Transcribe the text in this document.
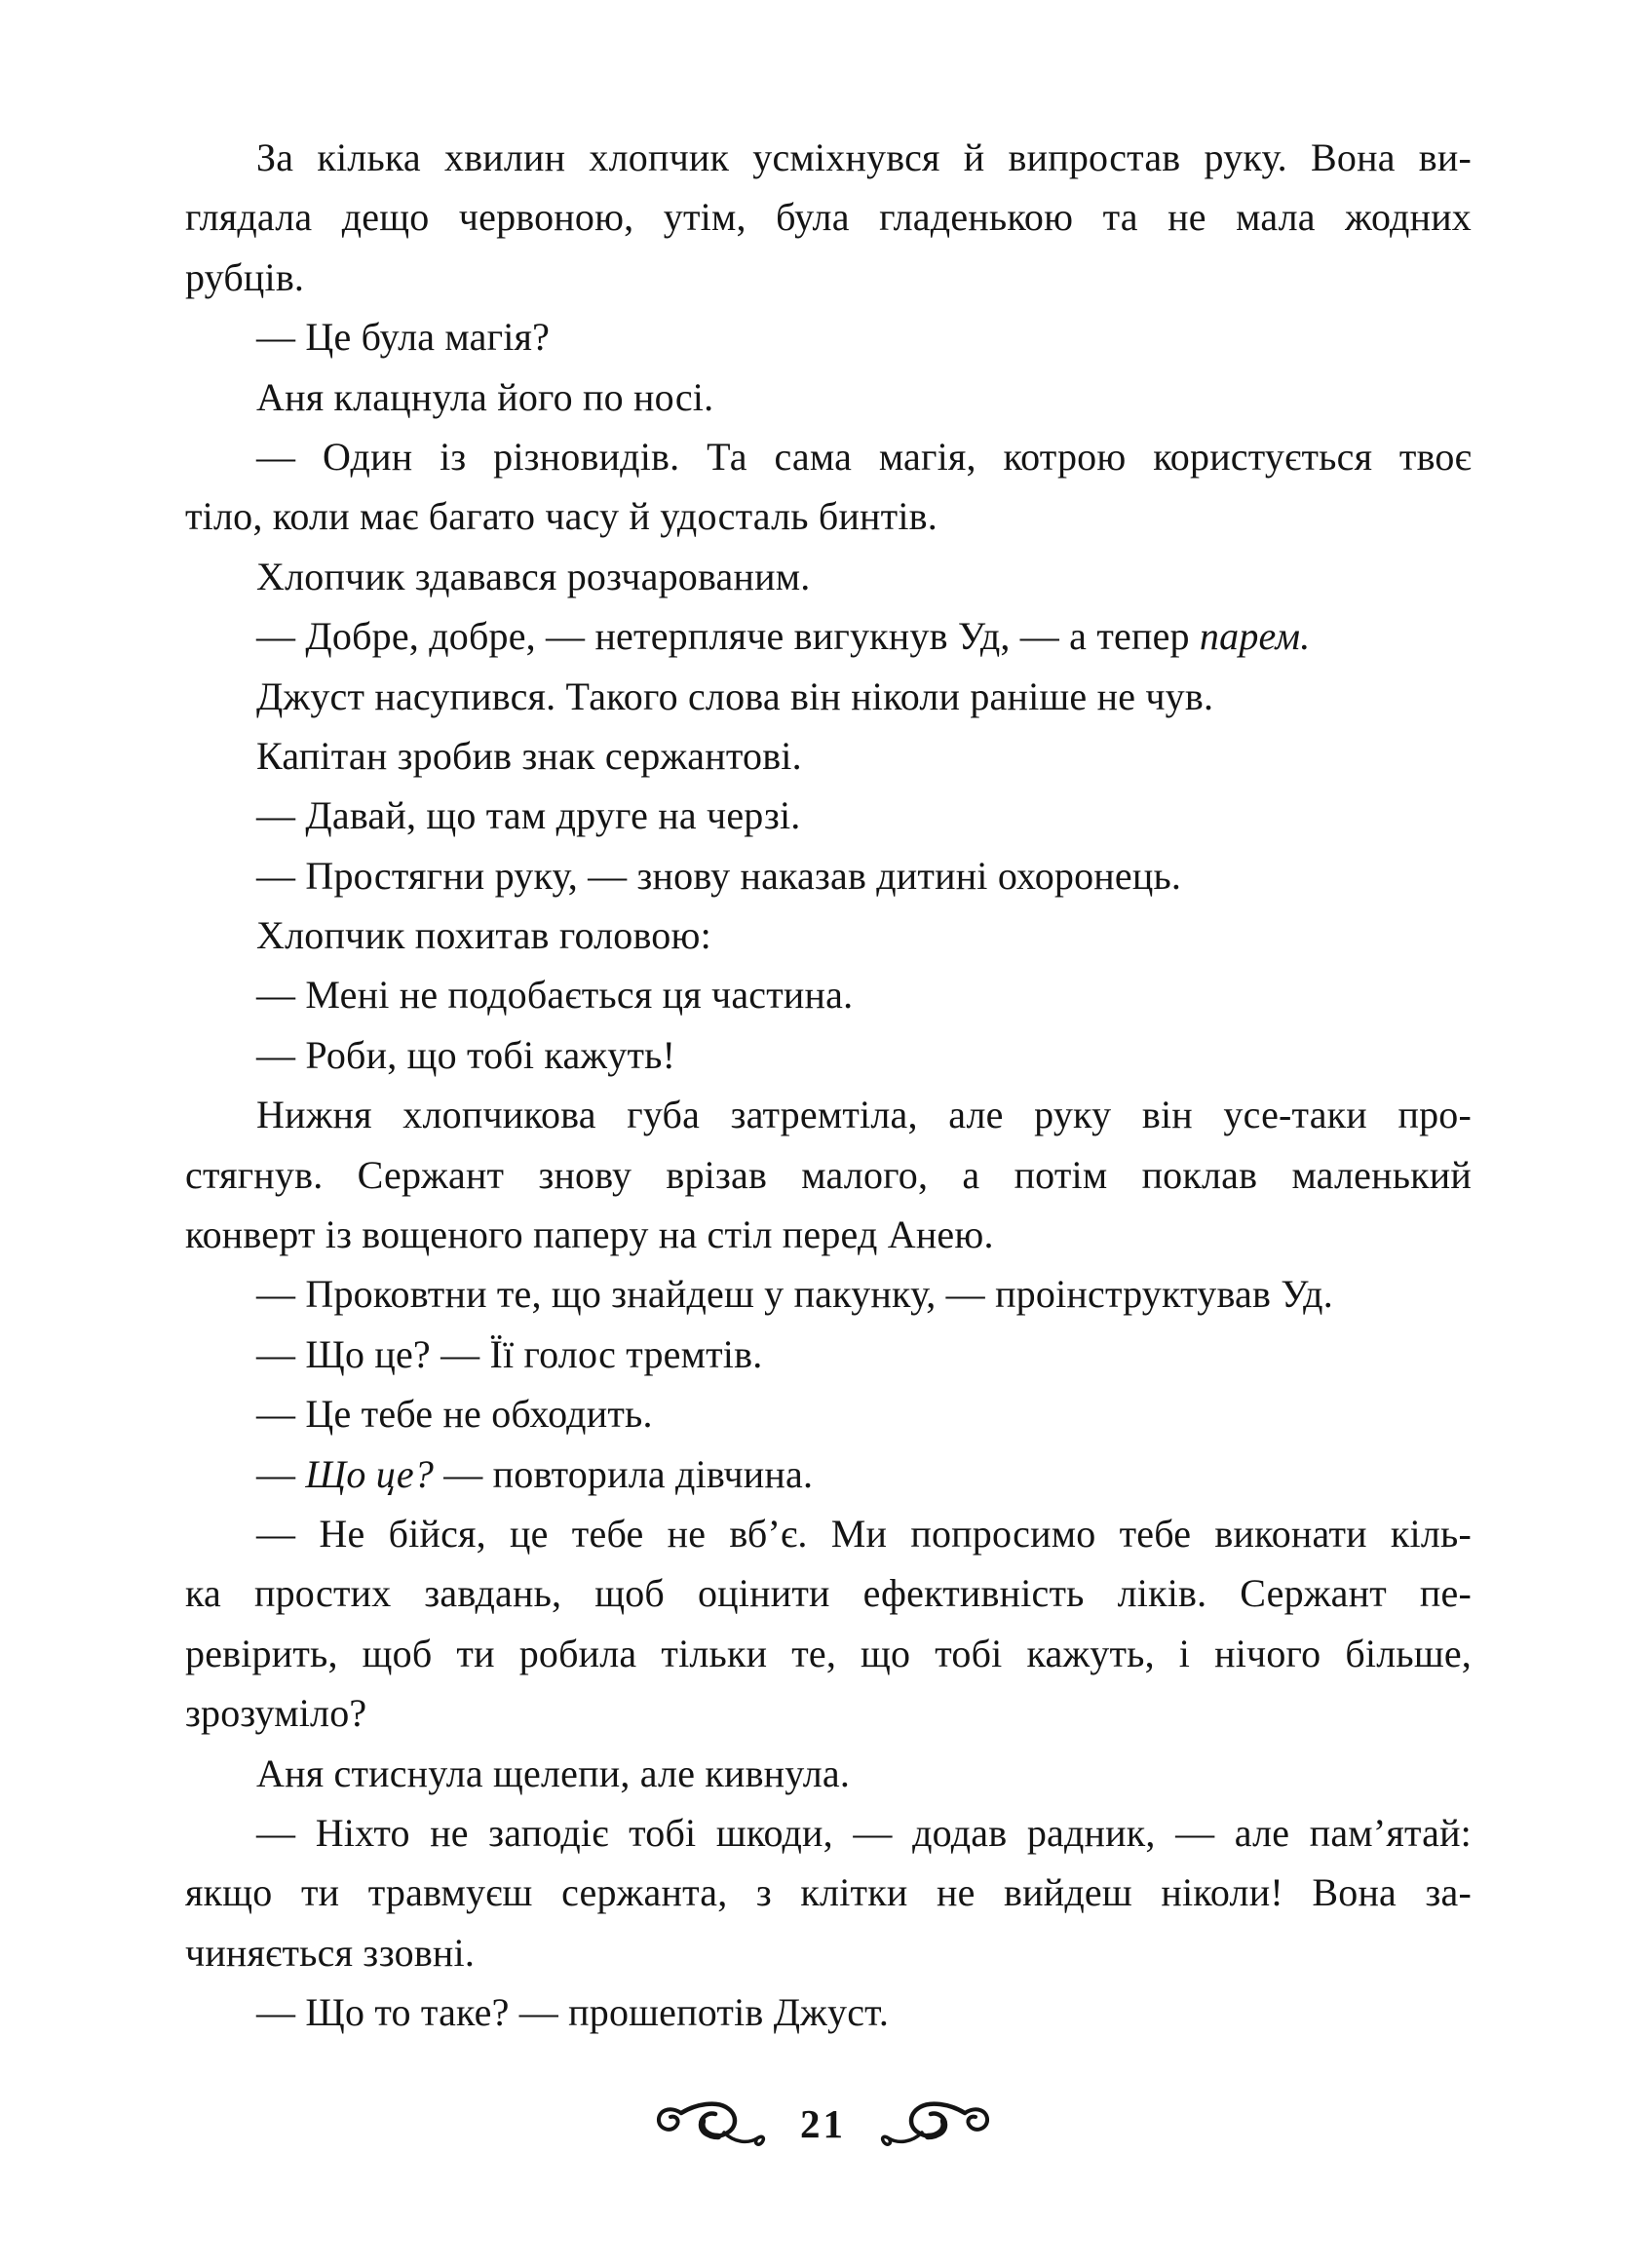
За кілька хвилин хлопчик усміхнувся й випростав руку. Вона ви-
глядала дещо червоною, утім, була гладенькою та не мала жодних
рубців.
— Це була магія?
Аня клацнула його по носі.
— Один із різновидів. Та сама магія, котрою користується твоє
тіло, коли має багато часу й удосталь бинтів.
Хлопчик здавався розчарованим.
— Добре, добре, — нетерпляче вигукнув Уд, — а тепер парем.
Джуст насупився. Такого слова він ніколи раніше не чув.
Капітан зробив знак сержантові.
— Давай, що там друге на черзі.
— Простягни руку, — знову наказав дитині охоронець.
Хлопчик похитав головою:
— Мені не подобається ця частина.
— Роби, що тобі кажуть!
Нижня хлопчикова губа затремтіла, але руку він усе-таки про-
стягнув. Сержант знову врізав малого, а потім поклав маленький
конверт із вощеного паперу на стіл перед Анею.
— Проковтни те, що знайдеш у пакунку, — проінструктував Уд.
— Що це? — Її голос тремтів.
— Це тебе не обходить.
— Що це? — повторила дівчина.
— Не бійся, це тебе не вб’є. Ми попросимо тебе виконати кіль-
ка простих завдань, щоб оцінити ефективність ліків. Сержант пе-
ревірить, щоб ти робила тільки те, що тобі кажуть, і нічого більше,
зрозуміло?
Аня стиснула щелепи, але кивнула.
— Ніхто не заподіє тобі шкоди, — додав радник, — але пам’ятай:
якщо ти травмуєш сержанта, з клітки не вийдеш ніколи! Вона за-
чиняється ззовні.
— Що то таке? — прошепотів Джуст.
21
